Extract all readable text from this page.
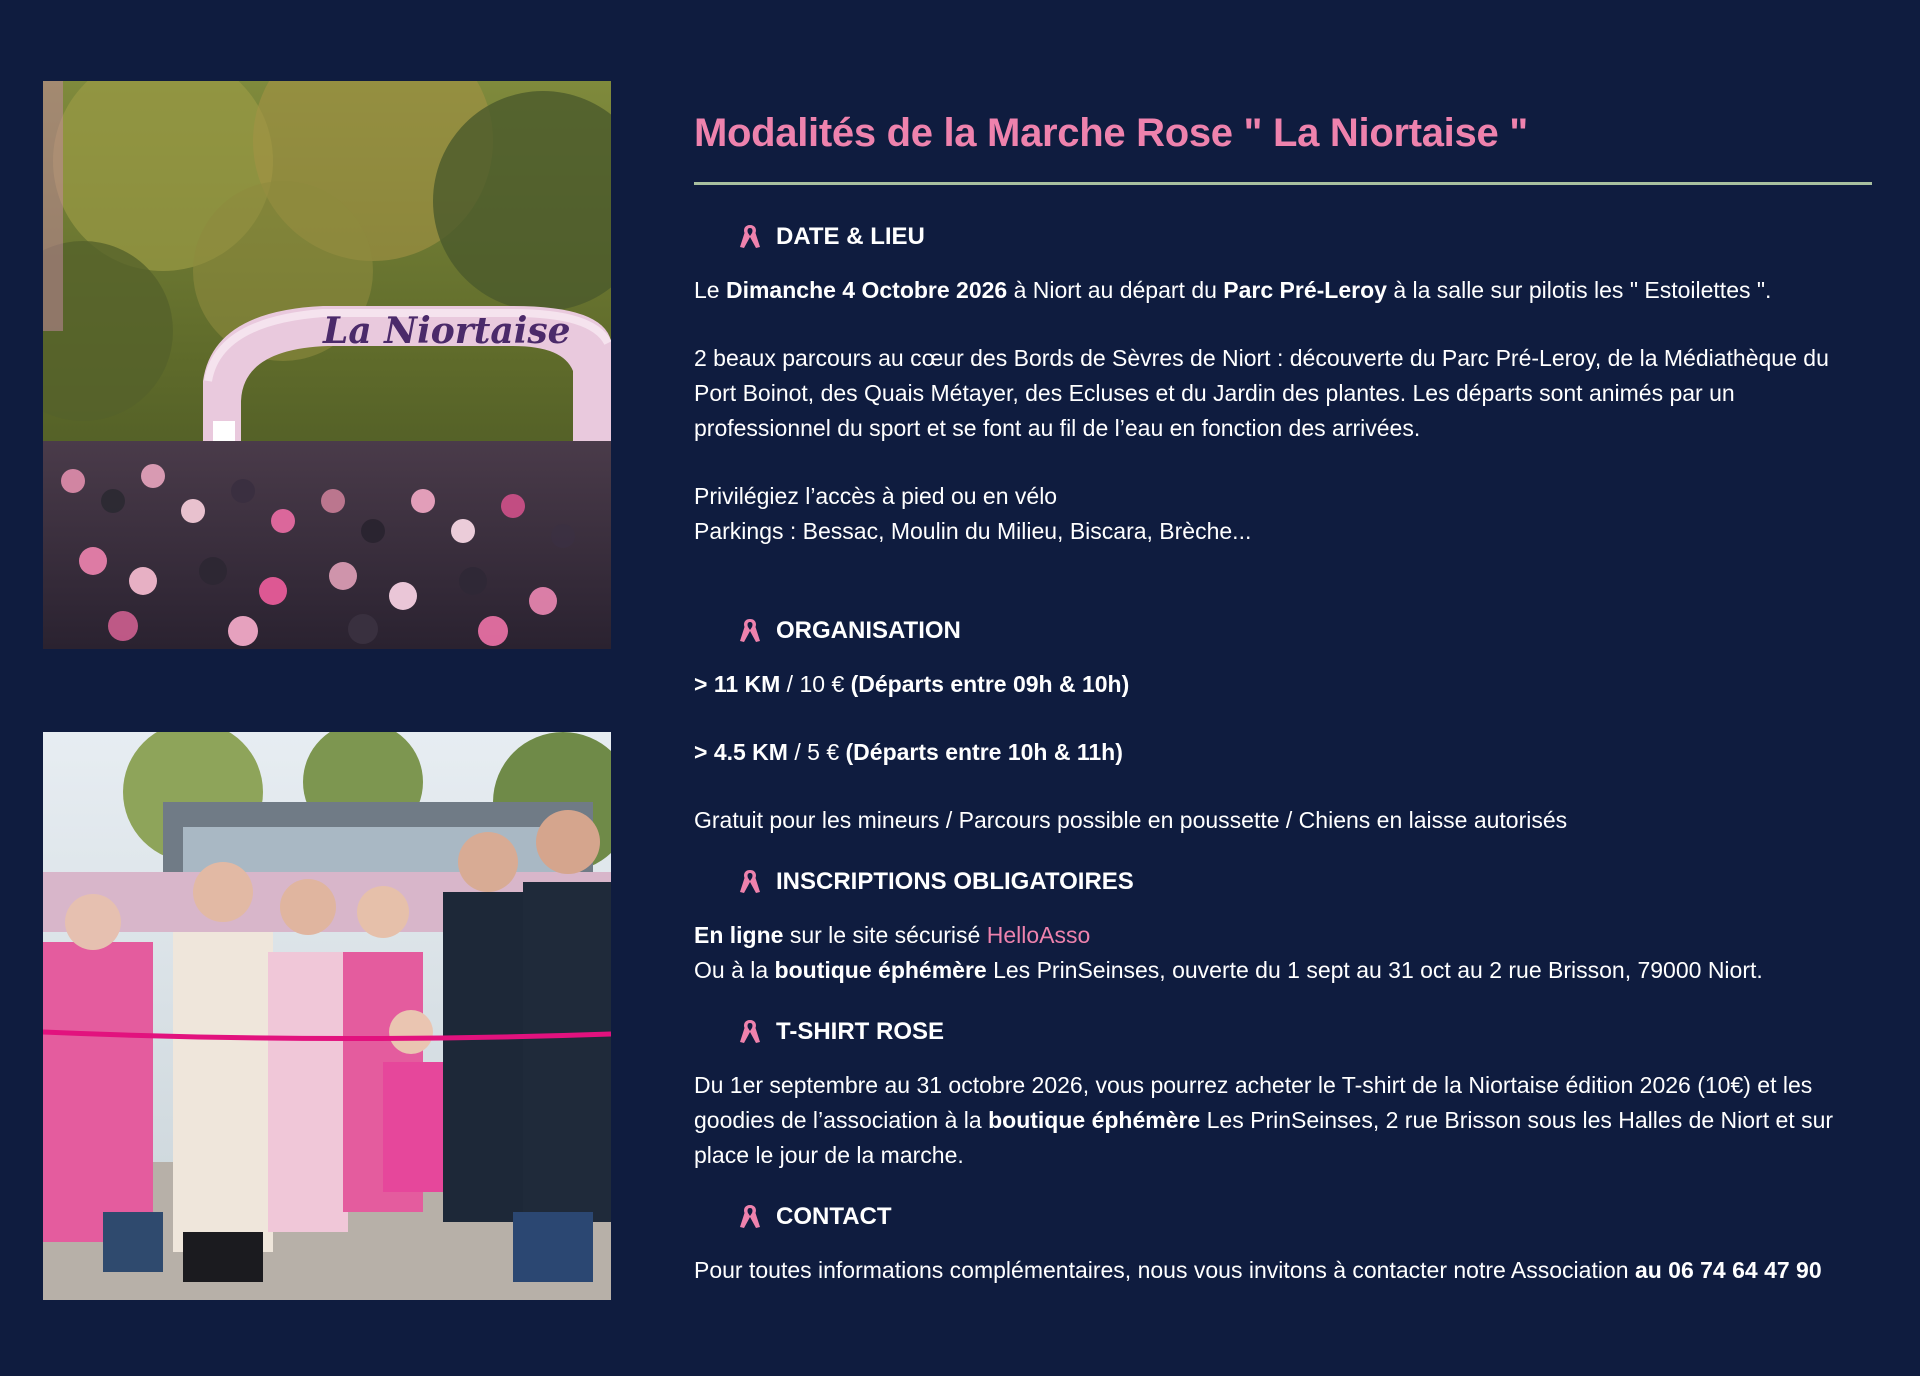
La Niortaise
Modalités de la Marche Rose " La Niortaise "
DATE & LIEU

Le Dimanche 4 Octobre 2026 à Niort au départ du Parc Pré-Leroy à la salle sur pilotis les " Estoilettes ".

2 beaux parcours au cœur des Bords de Sèvres de Niort : découverte du Parc Pré-Leroy, de la Médiathèque du Port Boinot, des Quais Métayer, des Ecluses et du Jardin des plantes. Les départs sont animés par un professionnel du sport et se font au fil de l’eau en fonction des arrivées.

Privilégiez l’accès à pied ou en vélo
Parkings : Bessac, Moulin du Milieu, Biscara, Brèche...

ORGANISATION

> 11 KM / 10 € (Départs entre 09h & 10h)

> 4.5 KM / 5 € (Départs entre 10h & 11h)

Gratuit pour les mineurs / Parcours possible en poussette / Chiens en laisse autorisés

INSCRIPTIONS OBLIGATOIRES

En ligne sur le site sécurisé HelloAsso
Ou à la boutique éphémère Les PrinSeinses, ouverte du 1 sept au 31 oct au 2 rue Brisson, 79000 Niort.

T-SHIRT ROSE

Du 1er septembre au 31 octobre 2026, vous pourrez acheter le T-shirt de la Niortaise édition 2026 (10€) et les goodies de l’association à la boutique éphémère Les PrinSeinses, 2 rue Brisson sous les Halles de Niort et sur place le jour de la marche.

CONTACT

Pour toutes informations complémentaires, nous vous invitons à contacter notre Association au 06 74 64 47 90
